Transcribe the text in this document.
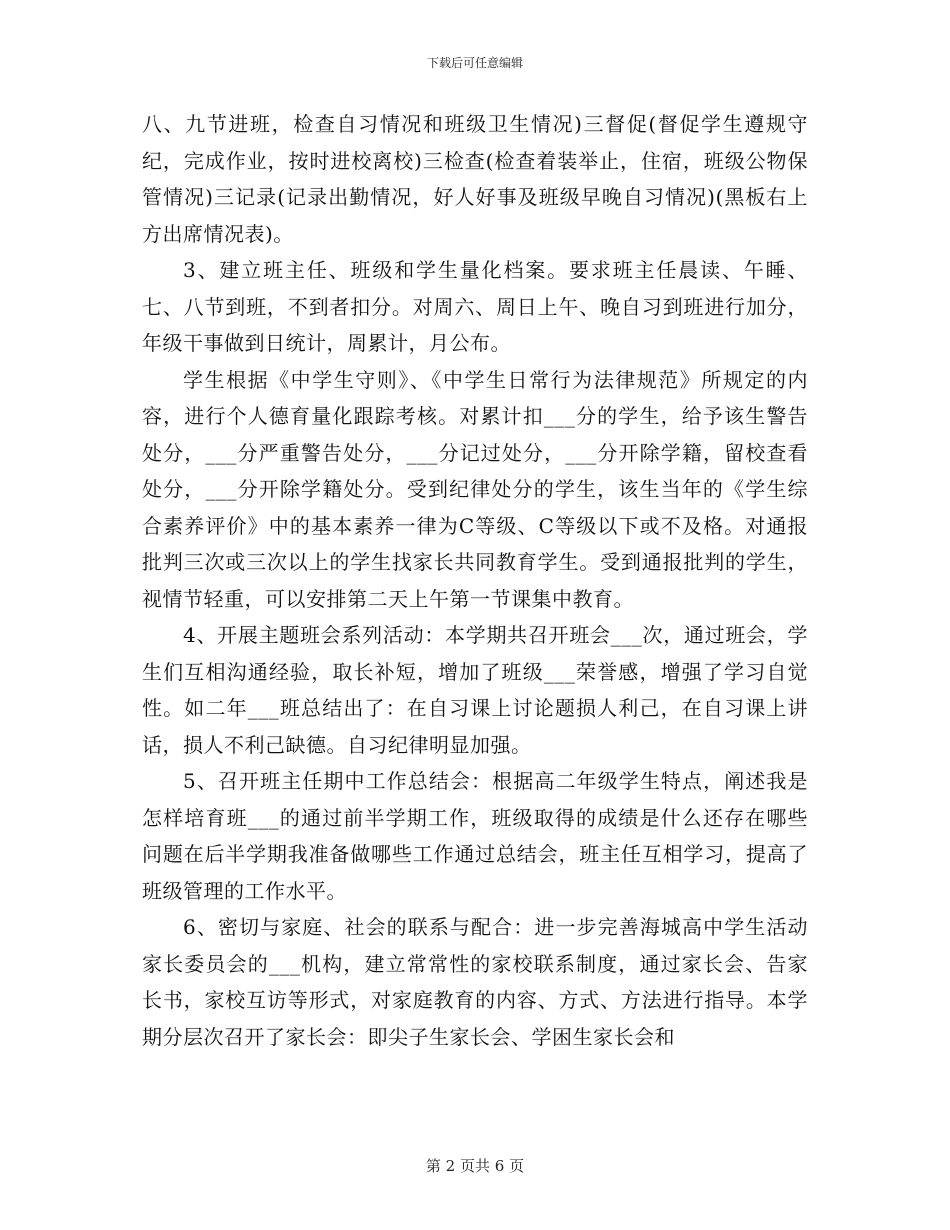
下载后可任意编辑

八、九节进班，检查自习情况和班级卫生情况)三督促(督促学生遵规守纪，完成作业，按时进校离校)三检查(检查着装举止，住宿，班级公物保管情况)三记录(记录出勤情况，好人好事及班级早晚自习情况)(黑板右上方出席情况表)。

3、建立班主任、班级和学生量化档案。要求班主任晨读、午睡、七、八节到班，不到者扣分。对周六、周日上午、晚自习到班进行加分，年级干事做到日统计，周累计，月公布。

学生根据《中学生守则》、《中学生日常行为法律规范》所规定的内容，进行个人德育量化跟踪考核。对累计扣___分的学生，给予该生警告处分，___分严重警告处分，___分记过处分，___分开除学籍，留校查看处分，___分开除学籍处分。受到纪律处分的学生，该生当年的《学生综合素养评价》中的基本素养一律为C等级、C等级以下或不及格。对通报批判三次或三次以上的学生找家长共同教育学生。受到通报批判的学生，视情节轻重，可以安排第二天上午第一节课集中教育。

4、开展主题班会系列活动：本学期共召开班会___次，通过班会，学生们互相沟通经验，取长补短，增加了班级___荣誉感，增强了学习自觉性。如二年___班总结出了：在自习课上讨论题损人利己，在自习课上讲话，损人不利己缺德。自习纪律明显加强。

5、召开班主任期中工作总结会：根据高二年级学生特点，阐述我是怎样培育班___的通过前半学期工作，班级取得的成绩是什么还存在哪些问题在后半学期我准备做哪些工作通过总结会，班主任互相学习，提高了班级管理的工作水平。

6、密切与家庭、社会的联系与配合：进一步完善海城高中学生活动家长委员会的___机构，建立常常性的家校联系制度，通过家长会、告家长书，家校互访等形式，对家庭教育的内容、方式、方法进行指导。本学期分层次召开了家长会：即尖子生家长会、学困生家长会和

第 2 页共 6 页
